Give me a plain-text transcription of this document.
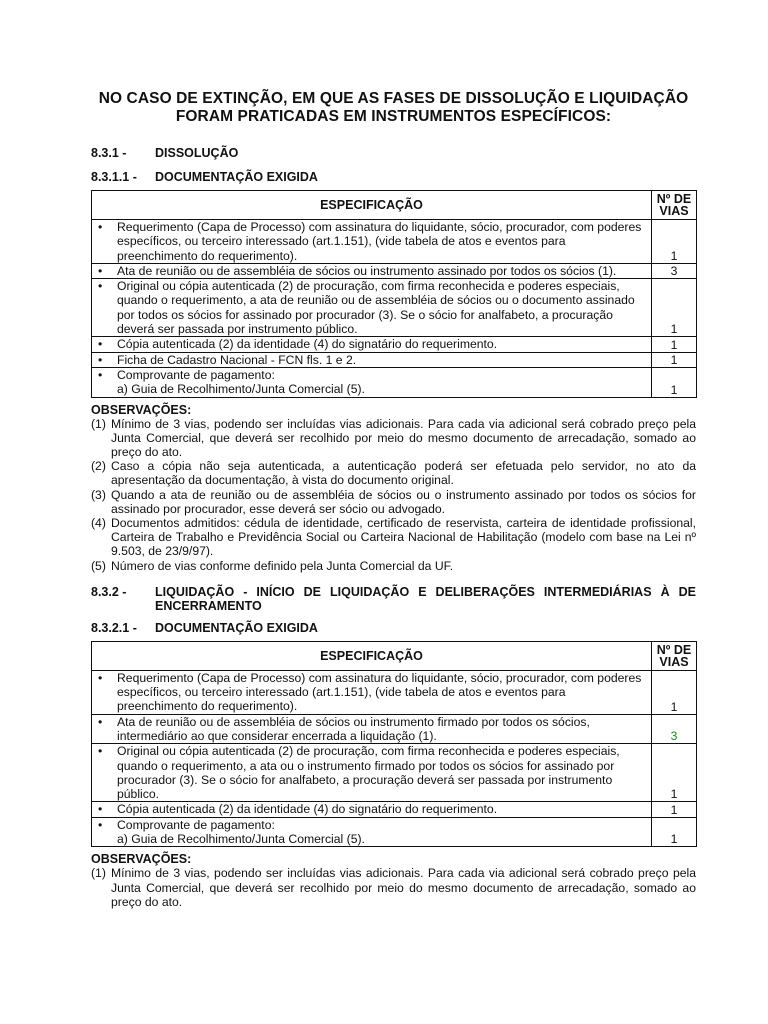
NO CASO DE EXTINÇÃO, EM QUE AS FASES DE DISSOLUÇÃO E LIQUIDAÇÃO
FORAM PRATICADAS EM INSTRUMENTOS ESPECÍFICOS:
8.3.1 -	DISSOLUÇÃO
8.3.1.1 -	DOCUMENTAÇÃO EXIGIDA
ESPECIFICAÇÃO	Nº DE VIAS

• Requerimento (Capa de Processo) com assinatura do liquidante, sócio, procurador, com poderes específicos, ou terceiro interessado (art.1.151), (vide tabela de atos e eventos para preenchimento do requerimento).	1

• Ata de reunião ou de assembléia de sócios ou instrumento assinado por todos os sócios (1).	3

• Original ou cópia autenticada (2) de procuração, com firma reconhecida e poderes especiais, quando o requerimento, a ata de reunião ou de assembléia de sócios ou o documento assinado por todos os sócios for assinado por procurador (3). Se o sócio for analfabeto, a procuração deverá ser passada por instrumento público.	1

• Cópia autenticada (2) da identidade (4) do signatário do requerimento.	1

• Ficha de Cadastro Nacional - FCN fls. 1 e 2.	1

• Comprovante de pagamento:
a) Guia de Recolhimento/Junta Comercial (5).	1
OBSERVAÇÕES:
(1) Mínimo de 3 vias, podendo ser incluídas vias adicionais. Para cada via adicional será cobrado preço pela Junta Comercial, que deverá ser recolhido por meio do mesmo documento de arrecadação, somado ao preço do ato.
(2) Caso a cópia não seja autenticada, a autenticação poderá ser efetuada pelo servidor, no ato da apresentação da documentação, à vista do documento original.
(3) Quando a ata de reunião ou de assembléia de sócios ou o instrumento assinado por todos os sócios for assinado por procurador, esse deverá ser sócio ou advogado.
(4) Documentos admitidos: cédula de identidade, certificado de reservista, carteira de identidade profissional, Carteira de Trabalho e Previdência Social ou Carteira Nacional de Habilitação (modelo com base na Lei nº 9.503, de 23/9/97).
(5) Número de vias conforme definido pela Junta Comercial da UF.
8.3.2 -	LIQUIDAÇÃO - INÍCIO DE LIQUIDAÇÃO E DELIBERAÇÕES INTERMEDIÁRIAS À DE ENCERRAMENTO
8.3.2.1 -	DOCUMENTAÇÃO EXIGIDA
ESPECIFICAÇÃO	Nº DE VIAS

• Requerimento (Capa de Processo) com assinatura do liquidante, sócio, procurador, com poderes específicos, ou terceiro interessado (art.1.151), (vide tabela de atos e eventos para preenchimento do requerimento).	1

• Ata de reunião ou de assembléia de sócios ou instrumento firmado por todos os sócios, intermediário ao que considerar encerrada a liquidação (1).	3

• Original ou cópia autenticada (2) de procuração, com firma reconhecida e poderes especiais, quando o requerimento, a ata ou o instrumento firmado por todos os sócios for assinado por procurador (3). Se o sócio for analfabeto, a procuração deverá ser passada por instrumento público.	1

• Cópia autenticada (2) da identidade (4) do signatário do requerimento.	1

• Comprovante de pagamento:
a) Guia de Recolhimento/Junta Comercial (5).	1
OBSERVAÇÕES:
(1) Mínimo de 3 vias, podendo ser incluídas vias adicionais. Para cada via adicional será cobrado preço pela Junta Comercial, que deverá ser recolhido por meio do mesmo documento de arrecadação, somado ao preço do ato.
